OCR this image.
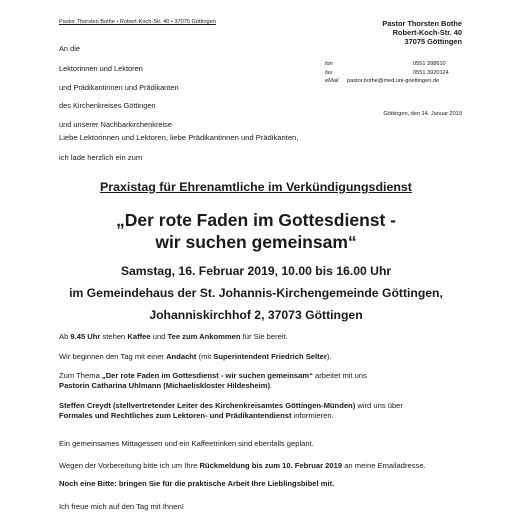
Pastor Thorsten Bothe • Robert-Koch-Str. 40 • 37075 Göttingen	Pastor Thorsten Bothe
Robert-Koch-Str. 40
37075 Göttingen
An die
Lektorinnen und Lektoren
und Prädikantinnen und Prädikanten
des Kirchenkreises Göttingen
und unserer Nachbarkirchenkreise
fon	0551 398610
fax	0551 3920124
eMail	pastor.bothe@med.uni-goettingen.de
Göttingen, den 14. Januar 2019
Liebe Lektorinnen und Lektoren, liebe Prädikantinnen und Prädikanten,
ich lade herzlich ein zum
Praxistag für Ehrenamtliche im Verkündigungsdienst
„Der rote Faden im Gottesdienst -
wir suchen gemeinsam“
Samstag, 16. Februar 2019, 10.00 bis 16.00 Uhr
im Gemeindehaus der St. Johannis-Kirchengemeinde Göttingen,
Johanniskirchhof 2, 37073 Göttingen
Ab 9.45 Uhr stehen Kaffee und Tee zum Ankommen für Sie bereit.
Wir beginnen den Tag mit einer Andacht (mit Superintendent Friedrich Selter).
Zum Thema „Der rote Faden im Gottesdienst - wir suchen gemeinsam“ arbeitet mit uns
Pastorin Catharina Uhlmann (Michaeliskloster Hildesheim).
Steffen Creydt (stellvertretender Leiter des Kirchenkreisamtes Göttingen-Münden) wird uns über
Formales und Rechtliches zum Lektoren- und Prädikantendienst informieren.
Ein gemeinsames Mittagessen und ein Kaffeetrinken sind ebenfalls geplant.
Wegen der Vorbereitung bitte ich um Ihre Rückmeldung bis zum 10. Februar 2019 an meine Emailadresse.
Noch eine Bitte: bringen Sie für die praktische Arbeit Ihre Lieblingsbibel mit.
Ich freue mich auf den Tag mit Ihnen!
